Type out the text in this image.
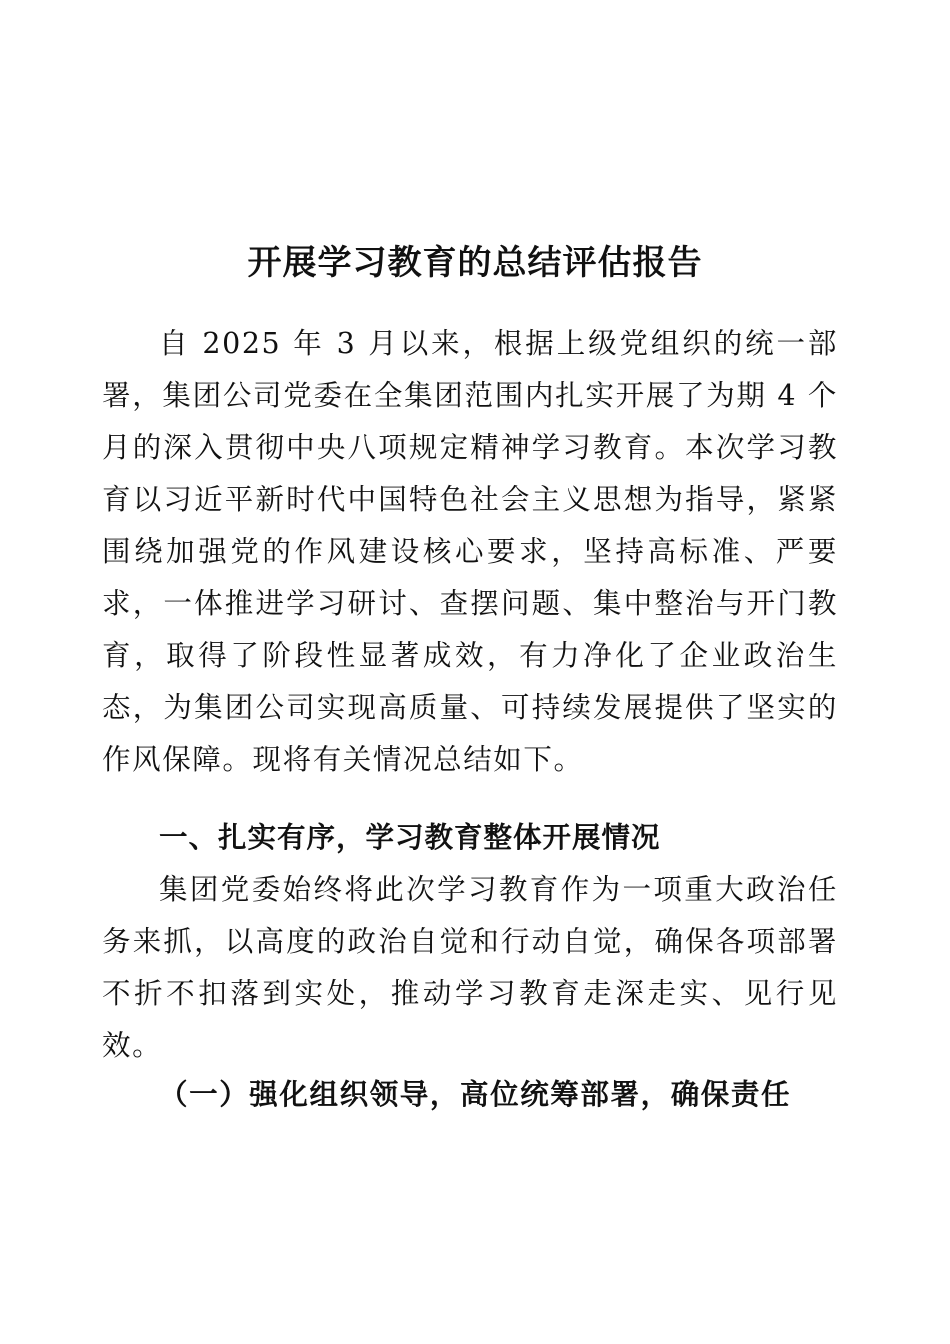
开展学习教育的总结评估报告

自 2025 年 3 月以来，根据上级党组织的统一部署，集团公司党委在全集团范围内扎实开展了为期 4 个月的深入贯彻中央八项规定精神学习教育。本次学习教育以习近平新时代中国特色社会主义思想为指导，紧紧围绕加强党的作风建设核心要求，坚持高标准、严要求，一体推进学习研讨、查摆问题、集中整治与开门教育，取得了阶段性显著成效，有力净化了企业政治生态，为集团公司实现高质量、可持续发展提供了坚实的作风保障。现将有关情况总结如下。

一、扎实有序，学习教育整体开展情况

集团党委始终将此次学习教育作为一项重大政治任务来抓，以高度的政治自觉和行动自觉，确保各项部署不折不扣落到实处，推动学习教育走深走实、见行见效。

（一）强化组织领导，高位统筹部署，确保责任
